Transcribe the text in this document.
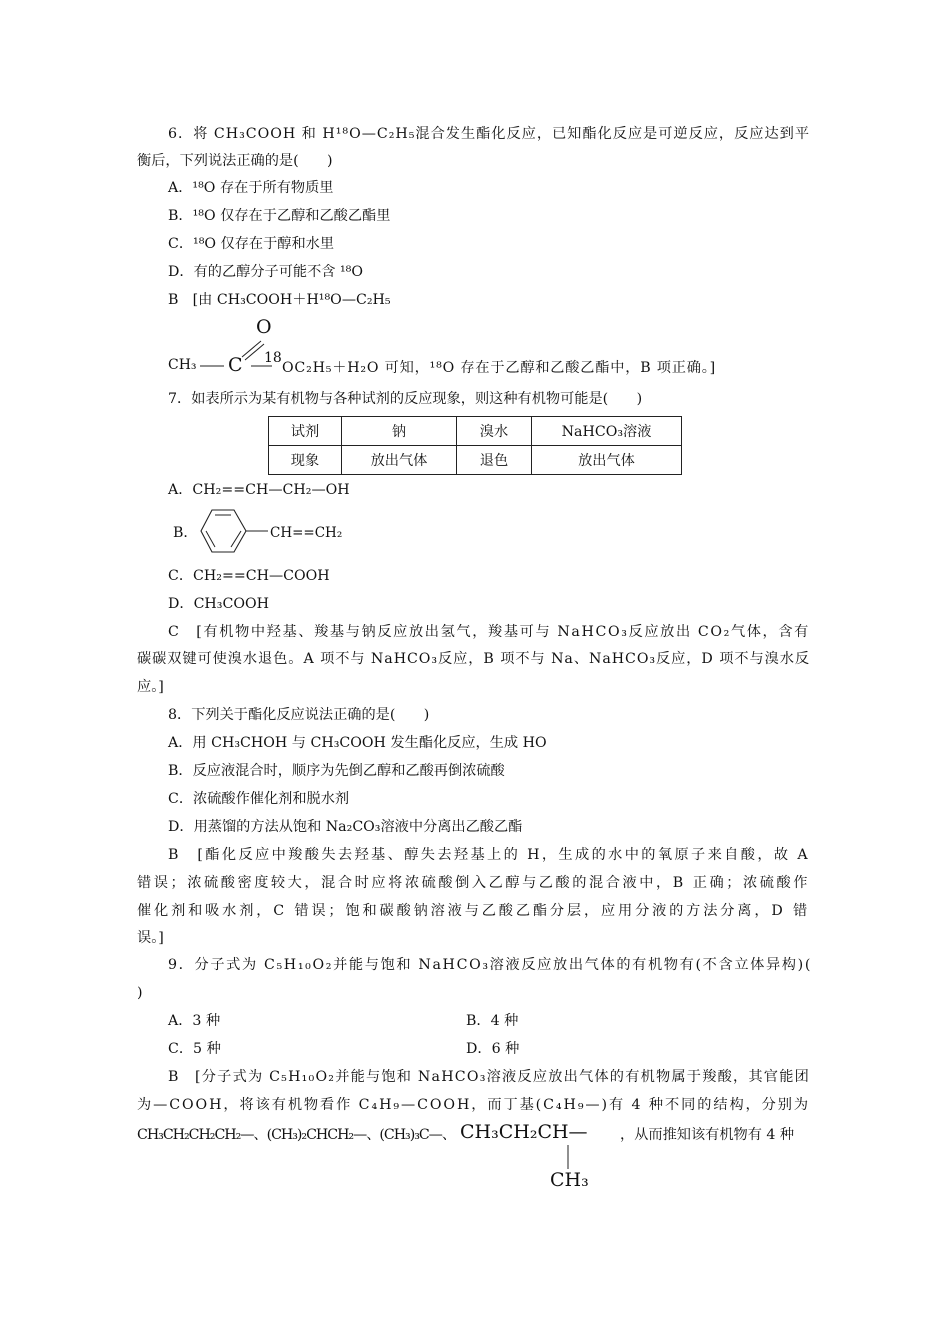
6．将 CH₃COOH 和 H¹⁸O—C₂H₅混合发生酯化反应，已知酯化反应是可逆反应，反应达到平
衡后，下列说法正确的是(　　)
A．¹⁸O 存在于所有物质里
B．¹⁸O 仅存在于乙醇和乙酸乙酯里
C．¹⁸O 仅存在于醇和水里
D．有的乙醇分子可能不含 ¹⁸O
B　[由 CH₃COOH＋H¹⁸O—C₂H₅
O
CH₃ C 18
OC₂H₅＋H₂O 可知，¹⁸O 存在于乙醇和乙酸乙酯中，B 项正确。]
7．如表所示为某有机物与各种试剂的反应现象，则这种有机物可能是(　　)
试剂	钠	溴水	NaHCO₃溶液
现象	放出气体	退色	放出气体
A．CH₂==CH—CH₂—OH
B．	CH==CH₂
C．CH₂==CH—COOH
D．CH₃COOH
C　[有机物中羟基、羧基与钠反应放出氢气，羧基可与 NaHCO₃反应放出 CO₂气体，含有
碳碳双键可使溴水退色。A 项不与 NaHCO₃反应，B 项不与 Na、NaHCO₃反应，D 项不与溴水反
应。]
8．下列关于酯化反应说法正确的是(　　)
A．用 CH₃CHOH 与 CH₃COOH 发生酯化反应，生成 HO
B．反应液混合时，顺序为先倒乙醇和乙酸再倒浓硫酸
C．浓硫酸作催化剂和脱水剂
D．用蒸馏的方法从饱和 Na₂CO₃溶液中分离出乙酸乙酯
B　[酯化反应中羧酸失去羟基、醇失去羟基上的 H，生成的水中的氧原子来自酸，故 A
错误；浓硫酸密度较大，混合时应将浓硫酸倒入乙醇与乙酸的混合液中，B 正确；浓硫酸作
催化剂和吸水剂，C 错误；饱和碳酸钠溶液与乙酸乙酯分层，应用分液的方法分离，D 错
误。]
9．分子式为 C₅H₁₀O₂并能与饱和 NaHCO₃溶液反应放出气体的有机物有(不含立体异构)(
)
A．3 种	B．4 种
C．5 种	D．6 种
B　[分子式为 C₅H₁₀O₂并能与饱和 NaHCO₃溶液反应放出气体的有机物属于羧酸，其官能团
为—COOH，将该有机物看作 C₄H₉—COOH，而丁基(C₄H₉—)有 4 种不同的结构，分别为
CH₃CH₂CH₂CH₂—、(CH₃)₂CHCH₂—、(CH₃)₃C—、 CH₃CH₂CH—
CH₃
，从而推知该有机物有 4 种
